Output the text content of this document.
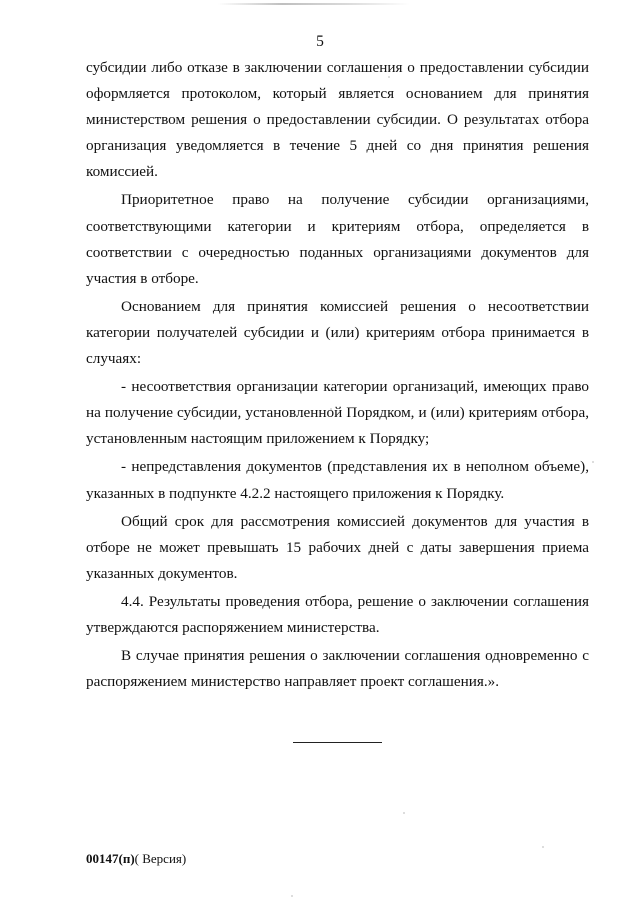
5

субсидии либо отказе в заключении соглашения о предоставлении субсидии оформляется протоколом, который является основанием для принятия министерством решения о предоставлении субсидии. О результатах отбора организация уведомляется в течение 5 дней со дня принятия решения комиссией.

Приоритетное право на получение субсидии организациями, соответствующими категории и критериям отбора, определяется в соответствии с очередностью поданных организациями документов для участия в отборе.

Основанием для принятия комиссией решения о несоответствии категории получателей субсидии и (или) критериям отбора принимается в случаях:

- несоответствия организации категории организаций, имеющих право на получение субсидии, установленной Порядком, и (или) критериям отбора, установленным настоящим приложением к Порядку;

- непредставления документов (представления их в неполном объеме), указанных в подпункте 4.2.2 настоящего приложения к Порядку.

Общий срок для рассмотрения комиссией документов для участия в отборе не может превышать 15 рабочих дней с даты завершения приема указанных документов.

4.4. Результаты проведения отбора, решение о заключении соглашения утверждаются распоряжением министерства.

В случае принятия решения о заключении соглашения одновременно с распоряжением министерство направляет проект соглашения.».

00147(п)( Версия)
